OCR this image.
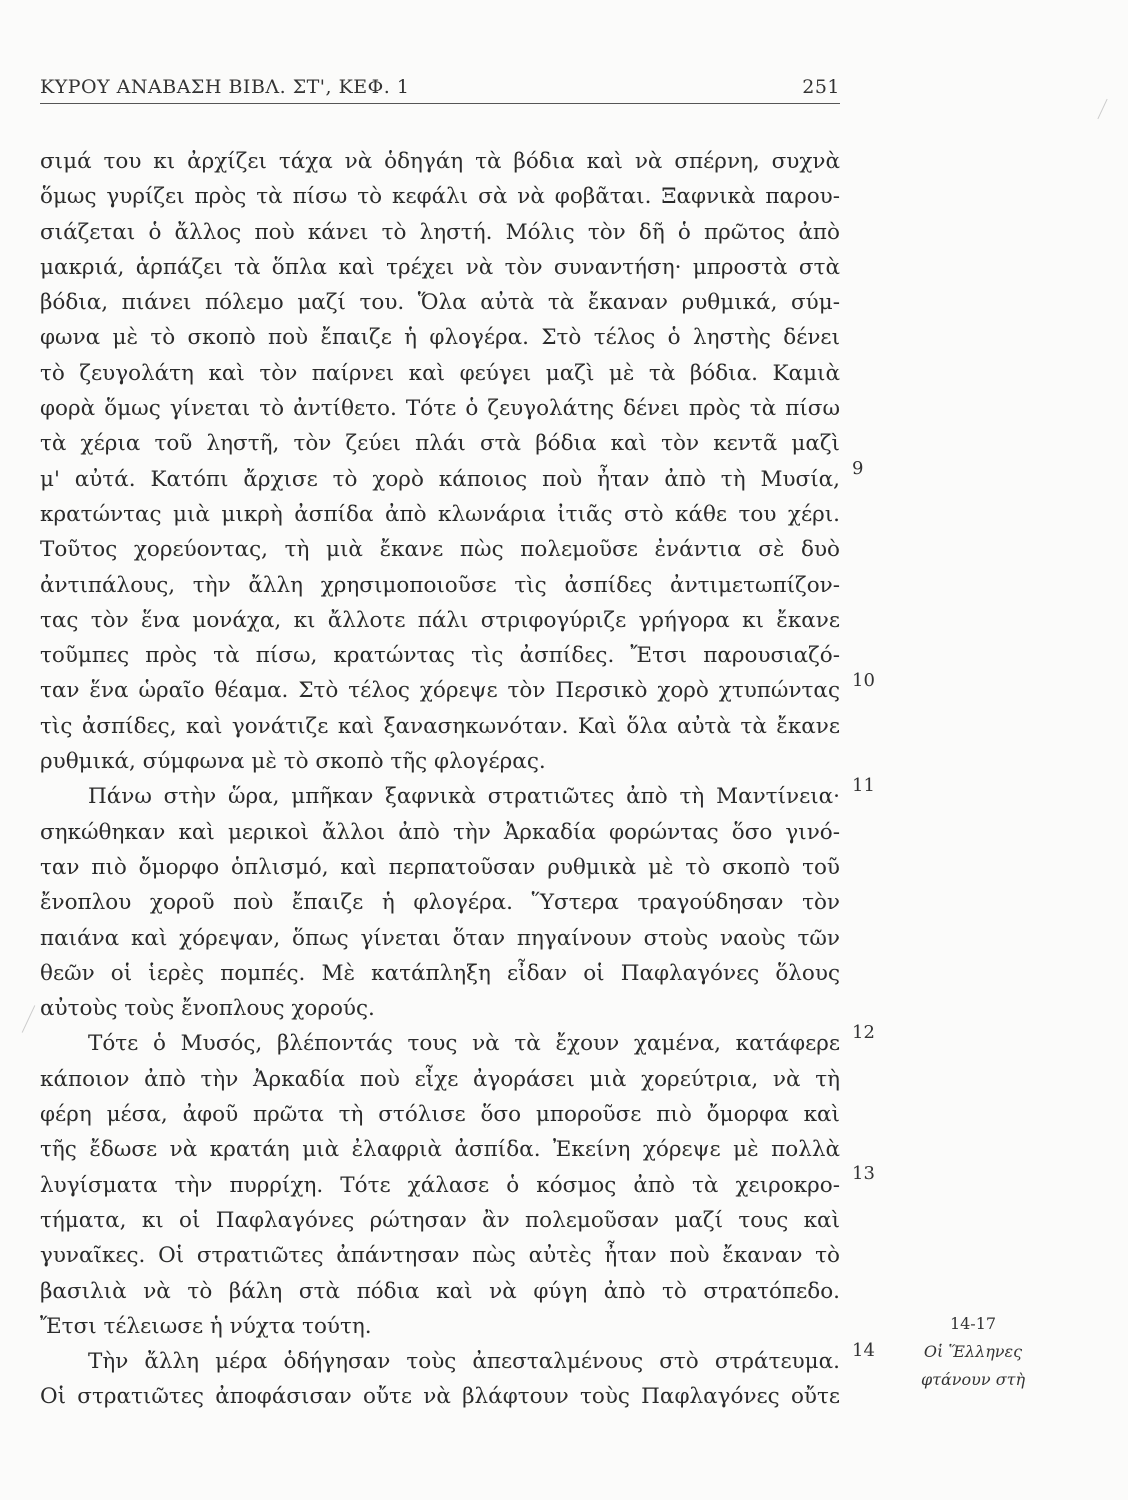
ΚΥΡΟΥ ΑΝΑΒΑΣΗ ΒΙΒΛ. ΣΤ', ΚΕΦ. 1	251
σιμά του κι ἀρχίζει τάχα νὰ ὁδηγάη τὰ βόδια καὶ νὰ σπέρνη, συχνὰ
ὅμως γυρίζει πρὸς τὰ πίσω τὸ κεφάλι σὰ νὰ φοβᾶται. Ξαφνικὰ παρου-
σιάζεται ὁ ἄλλος ποὺ κάνει τὸ ληστή. Μόλις τὸν δῆ ὁ πρῶτος ἀπὸ
μακριά, ἁρπάζει τὰ ὅπλα καὶ τρέχει νὰ τὸν συναντήση· μπροστὰ στὰ
βόδια, πιάνει πόλεμο μαζί του. Ὅλα αὐτὰ τὰ ἔκαναν ρυθμικά, σύμ-
φωνα μὲ τὸ σκοπὸ ποὺ ἔπαιζε ἡ φλογέρα. Στὸ τέλος ὁ ληστὴς δένει
τὸ ζευγολάτη καὶ τὸν παίρνει καὶ φεύγει μαζὶ μὲ τὰ βόδια. Καμιὰ
φορὰ ὅμως γίνεται τὸ ἀντίθετο. Τότε ὁ ζευγολάτης δένει πρὸς τὰ πίσω
τὰ χέρια τοῦ ληστῆ, τὸν ζεύει πλάι στὰ βόδια καὶ τὸν κεντᾶ μαζὶ
μ' αὐτά. Κατόπι ἄρχισε τὸ χορὸ κάποιος ποὺ ἦταν ἀπὸ τὴ Μυσία,
κρατώντας μιὰ μικρὴ ἀσπίδα ἀπὸ κλωνάρια ἰτιᾶς στὸ κάθε του χέρι.
Τοῦτος χορεύοντας, τὴ μιὰ ἔκανε πὼς πολεμοῦσε ἐνάντια σὲ δυὸ
ἀντιπάλους, τὴν ἄλλη χρησιμοποιοῦσε τὶς ἀσπίδες ἀντιμετωπίζον-
τας τὸν ἕνα μονάχα, κι ἄλλοτε πάλι στριφογύριζε γρήγορα κι ἔκανε
τοῦμπες πρὸς τὰ πίσω, κρατώντας τὶς ἀσπίδες. Ἔτσι παρουσιαζό-
ταν ἕνα ὡραῖο θέαμα. Στὸ τέλος χόρεψε τὸν Περσικὸ χορὸ χτυπώντας
τὶς ἀσπίδες, καὶ γονάτιζε καὶ ξανασηκωνόταν. Καὶ ὅλα αὐτὰ τὰ ἔκανε
ρυθμικά, σύμφωνα μὲ τὸ σκοπὸ τῆς φλογέρας.
Πάνω στὴν ὥρα, μπῆκαν ξαφνικὰ στρατιῶτες ἀπὸ τὴ Μαντίνεια·
σηκώθηκαν καὶ μερικοὶ ἄλλοι ἀπὸ τὴν Ἀρκαδία φορώντας ὅσο γινό-
ταν πιὸ ὄμορφο ὁπλισμό, καὶ περπατοῦσαν ρυθμικὰ μὲ τὸ σκοπὸ τοῦ
ἔνοπλου χοροῦ ποὺ ἔπαιζε ἡ φλογέρα. Ὕστερα τραγούδησαν τὸν
παιάνα καὶ χόρεψαν, ὅπως γίνεται ὅταν πηγαίνουν στοὺς ναοὺς τῶν
θεῶν οἱ ἱερὲς πομπές. Μὲ κατάπληξη εἶδαν οἱ Παφλαγόνες ὅλους
αὐτοὺς τοὺς ἔνοπλους χορούς.
Τότε ὁ Μυσός, βλέποντάς τους νὰ τὰ ἔχουν χαμένα, κατάφερε
κάποιον ἀπὸ τὴν Ἀρκαδία ποὺ εἶχε ἀγοράσει μιὰ χορεύτρια, νὰ τὴ
φέρη μέσα, ἀφοῦ πρῶτα τὴ στόλισε ὅσο μποροῦσε πιὸ ὄμορφα καὶ
τῆς ἔδωσε νὰ κρατάη μιὰ ἐλαφριὰ ἀσπίδα. Ἐκείνη χόρεψε μὲ πολλὰ
λυγίσματα τὴν πυρρίχη. Τότε χάλασε ὁ κόσμος ἀπὸ τὰ χειροκρο-
τήματα, κι οἱ Παφλαγόνες ρώτησαν ἂν πολεμοῦσαν μαζί τους καὶ
γυναῖκες. Οἱ στρατιῶτες ἀπάντησαν πὼς αὐτὲς ἦταν ποὺ ἔκαναν τὸ
βασιλιὰ νὰ τὸ βάλη στὰ πόδια καὶ νὰ φύγη ἀπὸ τὸ στρατόπεδο.
Ἔτσι τέλειωσε ἡ νύχτα τούτη.
Τὴν ἄλλη μέρα ὁδήγησαν τοὺς ἀπεσταλμένους στὸ στράτευμα.
Οἱ στρατιῶτες ἀποφάσισαν οὔτε νὰ βλάφτουν τοὺς Παφλαγόνες οὔτε
9
10
11
12
13
14
14-17
Οἱ Ἕλληνες
φτάνουν στὴ
